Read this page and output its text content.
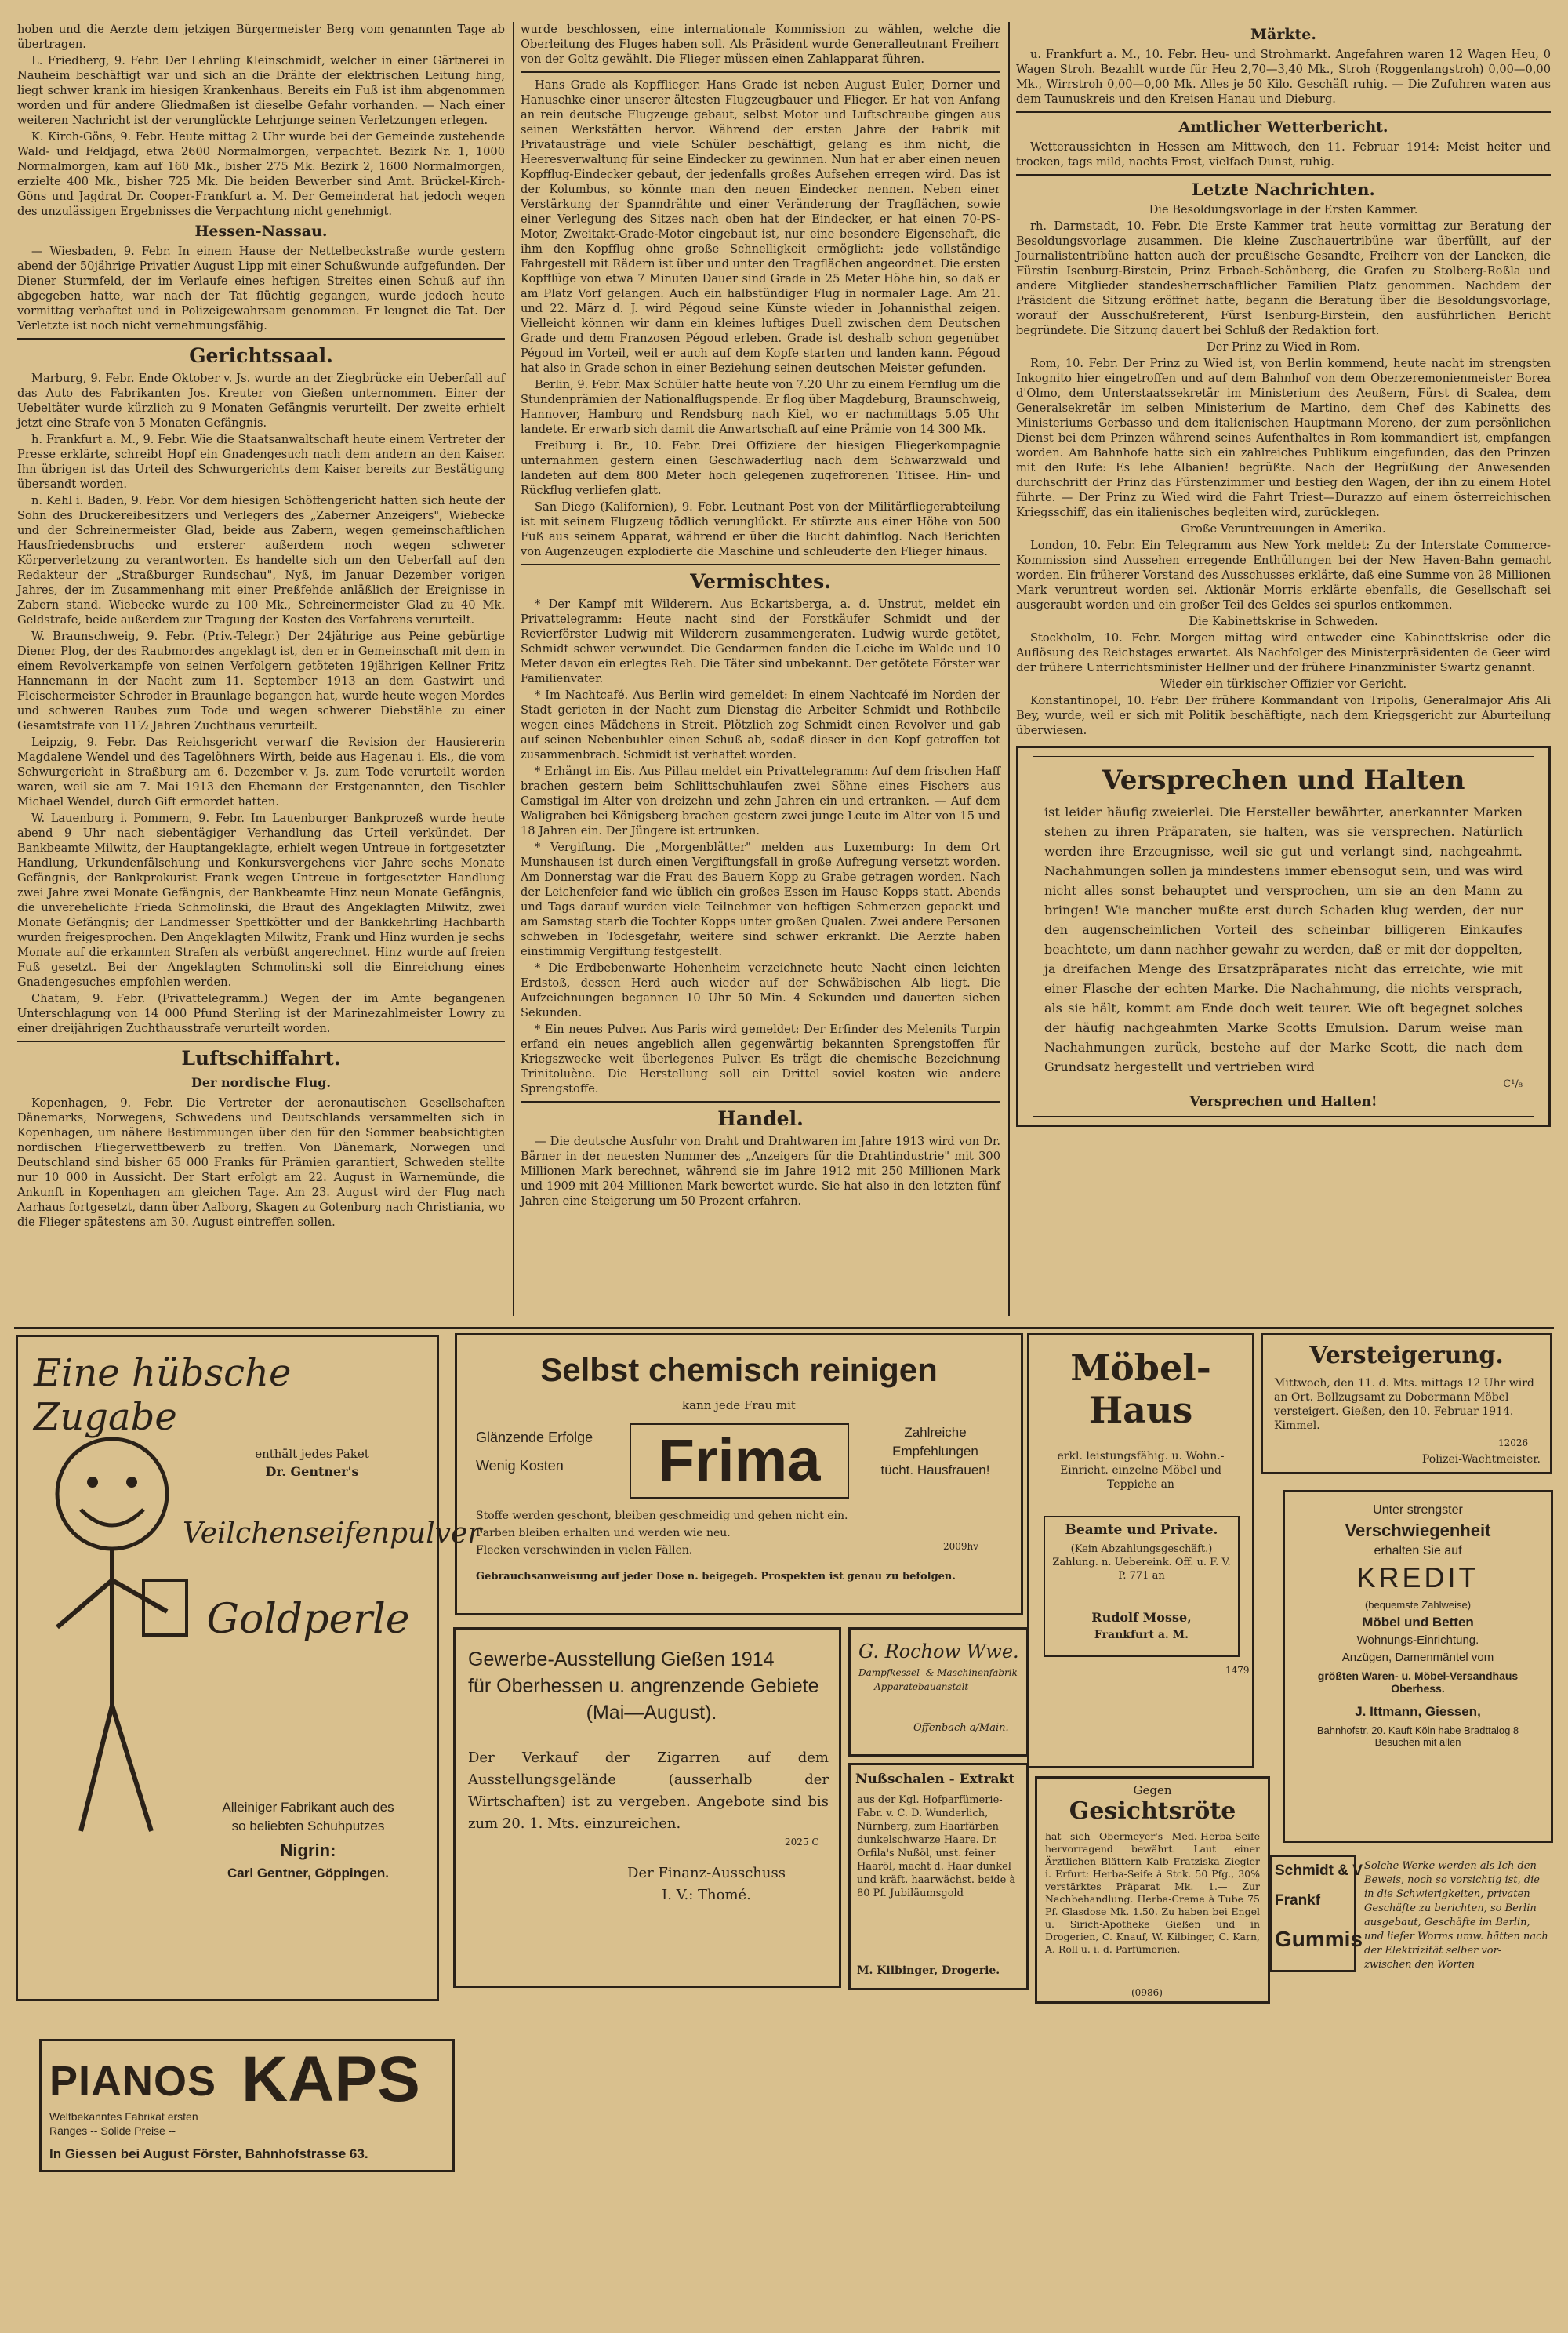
hoben und die Aerzte dem jetzigen Bürgermeister Berg vom genannten Tage ab übertragen.

L. Friedberg, 9. Febr. Der Lehrling Kleinschmidt, welcher in einer Gärtnerei in Nauheim beschäftigt war und sich an die Drähte der elektrischen Leitung hing, liegt schwer krank im hiesigen Krankenhaus. Bereits ein Fuß ist ihm abgenommen worden und für andere Gliedmaßen ist dieselbe Gefahr vorhanden. — Nach einer weiteren Nachricht ist der verunglückte Lehrjunge seinen Verletzungen erlegen.

K. Kirch-Göns, 9. Febr. Heute mittag 2 Uhr wurde bei der Gemeinde zustehende Wald- und Feldjagd, etwa 2600 Normalmorgen, verpachtet. Bezirk Nr. 1, 1000 Normalmorgen, kam auf 160 Mk., bisher 275 Mk. Bezirk 2, 1600 Normalmorgen, erzielte 400 Mk., bisher 725 Mk. Die beiden Bewerber sind Amt. Brückel-Kirch-Göns und Jagdrat Dr. Cooper-Frankfurt a. M. Der Gemeinderat hat jedoch wegen des unzulässigen Ergebnisses die Verpachtung nicht genehmigt.

Hessen-Nassau.

— Wiesbaden, 9. Febr. In einem Hause der Nettelbeckstraße wurde gestern abend der 50jährige Privatier August Lipp mit einer Schußwunde aufgefunden. Der Diener Sturmfeld, der im Verlaufe eines heftigen Streites einen Schuß auf ihn abgegeben hatte, war nach der Tat flüchtig gegangen, wurde jedoch heute vormittag verhaftet und in Polizeigewahrsam genommen. Er leugnet die Tat. Der Verletzte ist noch nicht vernehmungsfähig.

Gerichtssaal.

Marburg, 9. Febr. Ende Oktober v. Js. wurde an der Ziegbrücke ein Ueberfall auf das Auto des Fabrikanten Jos. Kreuter von Gießen unternommen. Einer der Uebeltäter wurde kürzlich zu 9 Monaten Gefängnis verurteilt. Der zweite erhielt jetzt eine Strafe von 5 Monaten Gefängnis.

h. Frankfurt a. M., 9. Febr. Wie die Staatsanwaltschaft heute einem Vertreter der Presse erklärte, schreibt Hopf ein Gnadengesuch nach dem andern an den Kaiser. Ihn übrigen ist das Urteil des Schwurgerichts dem Kaiser bereits zur Bestätigung übersandt worden.

n. Kehl i. Baden, 9. Febr. Vor dem hiesigen Schöffengericht hatten sich heute der Sohn des Druckereibesitzers und Verlegers des „Zaberner Anzeigers", Wiebecke und der Schreinermeister Glad, beide aus Zabern, wegen gemeinschaftlichen Hausfriedensbruchs und ersterer außerdem noch wegen schwerer Körperverletzung zu verantworten. Es handelte sich um den Ueberfall auf den Redakteur der „Straßburger Rundschau", Nyß, im Januar Dezember vorigen Jahres, der im Zusammenhang mit einer Preßfehde anläßlich der Ereignisse in Zabern stand. Wiebecke wurde zu 100 Mk., Schreinermeister Glad zu 40 Mk. Geldstrafe, beide außerdem zur Tragung der Kosten des Verfahrens verurteilt.

W. Braunschweig, 9. Febr. (Priv.-Telegr.) Der 24jährige aus Peine gebürtige Diener Plog, der des Raubmordes angeklagt ist, den er in Gemeinschaft mit dem in einem Revolverkampfe von seinen Verfolgern getöteten 19jährigen Kellner Fritz Hannemann in der Nacht zum 11. September 1913 an dem Gastwirt und Fleischermeister Schroder in Braunlage begangen hat, wurde heute wegen Mordes und schweren Raubes zum Tode und wegen schwerer Diebstähle zu einer Gesamtstrafe von 11½ Jahren Zuchthaus verurteilt.

Leipzig, 9. Febr. Das Reichsgericht verwarf die Revision der Hausiererin Magdalene Wendel und des Tagelöhners Wirth, beide aus Hagenau i. Els., die vom Schwurgericht in Straßburg am 6. Dezember v. Js. zum Tode verurteilt worden waren, weil sie am 7. Mai 1913 den Ehemann der Erstgenannten, den Tischler Michael Wendel, durch Gift ermordet hatten.

W. Lauenburg i. Pommern, 9. Febr. Im Lauenburger Bankprozeß wurde heute abend 9 Uhr nach siebentägiger Verhandlung das Urteil verkündet. Der Bankbeamte Milwitz, der Hauptangeklagte, erhielt wegen Untreue in fortgesetzter Handlung, Urkundenfälschung und Konkursvergehens vier Jahre sechs Monate Gefängnis, der Bankprokurist Frank wegen Untreue in fortgesetzter Handlung zwei Jahre zwei Monate Gefängnis, der Bankbeamte Hinz neun Monate Gefängnis, die unverehelichte Frieda Schmolinski, die Braut des Angeklagten Milwitz, zwei Monate Gefängnis; der Landmesser Spettkötter und der Bankkehrling Hachbarth wurden freigesprochen. Den Angeklagten Milwitz, Frank und Hinz wurden je sechs Monate auf die erkannten Strafen als verbüßt angerechnet. Hinz wurde auf freien Fuß gesetzt. Bei der Angeklagten Schmolinski soll die Einreichung eines Gnadengesuches empfohlen werden.

Chatam, 9. Febr. (Privattelegramm.) Wegen der im Amte begangenen Unterschlagung von 14 000 Pfund Sterling ist der Marinezahlmeister Lowry zu einer dreijährigen Zuchthausstrafe verurteilt worden.

Luftschiffahrt.
Der nordische Flug.

Kopenhagen, 9. Febr. Die Vertreter der aeronautischen Gesellschaften Dänemarks, Norwegens, Schwedens und Deutschlands versammelten sich in Kopenhagen, um nähere Bestimmungen über den für den Sommer beabsichtigten nordischen Fliegerwettbewerb zu treffen. Von Dänemark, Norwegen und Deutschland sind bisher 65 000 Franks für Prämien garantiert, Schweden stellte nur 10 000 in Aussicht. Der Start erfolgt am 22. August in Warnemünde, die Ankunft in Kopenhagen am gleichen Tage. Am 23. August wird der Flug nach Aarhaus fortgesetzt, dann über Aalborg, Skagen zu Gotenburg nach Christiania, wo die Flieger spätestens am 30. August eintreffen sollen.

wurde beschlossen, eine internationale Kommission zu wählen, welche die Oberleitung des Fluges haben soll. Als Präsident wurde Generalleutnant Freiherr von der Goltz gewählt. Die Flieger müssen einen Zahlapparat führen.

Hans Grade als Kopfflieger. Hans Grade ist neben August Euler, Dorner und Hanuschke einer unserer ältesten Flugzeugbauer und Flieger. Er hat von Anfang an rein deutsche Flugzeuge gebaut, selbst Motor und Luftschraube gingen aus seinen Werkstätten hervor. Während der ersten Jahre der Fabrik mit Privatausträge und viele Schüler beschäftigt, gelang es ihm nicht, die Heeresverwaltung für seine Eindecker zu gewinnen. Nun hat er aber einen neuen Kopfflug-Eindecker gebaut, der jedenfalls großes Aufsehen erregen wird. Das ist der Kolumbus, so könnte man den neuen Eindecker nennen. Neben einer Verstärkung der Spanndrähte und einer Veränderung der Tragflächen, sowie einer Verlegung des Sitzes nach oben hat der Eindecker, er hat einen 70-PS-Motor, Zweitakt-Grade-Motor eingebaut ist, nur eine besondere Eigenschaft, die ihm den Kopfflug ohne große Schnelligkeit ermöglicht: jede vollständige Fahrgestell mit Rädern ist über und unter den Tragflächen angeordnet. Die ersten Kopfflüge von etwa 7 Minuten Dauer sind Grade in 25 Meter Höhe hin, so daß er am Platz Vorf gelangen. Auch ein halbstündiger Flug in normaler Lage. Am 21. und 22. März d. J. wird Pégoud seine Künste wieder in Johannisthal zeigen. Vielleicht können wir dann ein kleines luftiges Duell zwischen dem Deutschen Grade und dem Franzosen Pégoud erleben. Grade ist deshalb schon gegenüber Pégoud im Vorteil, weil er auch auf dem Kopfe starten und landen kann. Pégoud hat also in Grade schon in einer Beziehung seinen deutschen Meister gefunden.

Berlin, 9. Febr. Max Schüler hatte heute von 7.20 Uhr zu einem Fernflug um die Stundenprämien der Nationalflugspende. Er flog über Magdeburg, Braunschweig, Hannover, Hamburg und Rendsburg nach Kiel, wo er nachmittags 5.05 Uhr landete. Er erwarb sich damit die Anwartschaft auf eine Prämie von 14 300 Mk.

Freiburg i. Br., 10. Febr. Drei Offiziere der hiesigen Fliegerkompagnie unternahmen gestern einen Geschwaderflug nach dem Schwarzwald und landeten auf dem 800 Meter hoch gelegenen zugefrorenen Titisee. Hin- und Rückflug verliefen glatt.

San Diego (Kalifornien), 9. Febr. Leutnant Post von der Militärfliegerabteilung ist mit seinem Flugzeug tödlich verunglückt. Er stürzte aus einer Höhe von 500 Fuß aus seinem Apparat, während er über die Bucht dahinflog. Nach Berichten von Augenzeugen explodierte die Maschine und schleuderte den Flieger hinaus.

Vermischtes.

* Der Kampf mit Wilderern. Aus Eckartsberga, a. d. Unstrut, meldet ein Privattelegramm: Heute nacht sind der Forstkäufer Schmidt und der Revierförster Ludwig mit Wilderern zusammengeraten. Ludwig wurde getötet, Schmidt schwer verwundet. Die Gendarmen fanden die Leiche im Walde und 10 Meter davon ein erlegtes Reh. Die Täter sind unbekannt. Der getötete Förster war Familienvater.

* Im Nachtcafé. Aus Berlin wird gemeldet: In einem Nachtcafé im Norden der Stadt gerieten in der Nacht zum Dienstag die Arbeiter Schmidt und Rothbeile wegen eines Mädchens in Streit. Plötzlich zog Schmidt einen Revolver und gab auf seinen Nebenbuhler einen Schuß ab, sodaß dieser in den Kopf getroffen tot zusammenbrach. Schmidt ist verhaftet worden.

* Erhängt im Eis. Aus Pillau meldet ein Privattelegramm: Auf dem frischen Haff brachen gestern beim Schlittschuhlaufen zwei Söhne eines Fischers aus Camstigal im Alter von dreizehn und zehn Jahren ein und ertranken. — Auf dem Waligraben bei Königsberg brachen gestern zwei junge Leute im Alter von 15 und 18 Jahren ein. Der Jüngere ist ertrunken.

* Vergiftung. Die „Morgenblätter" melden aus Luxemburg: In dem Ort Munshausen ist durch einen Vergiftungsfall in große Aufregung versetzt worden. Am Donnerstag war die Frau des Bauern Kopp zu Grabe getragen worden. Nach der Leichenfeier fand wie üblich ein großes Essen im Hause Kopps statt. Abends und Tags darauf wurden viele Teilnehmer von heftigen Schmerzen gepackt und am Samstag starb die Tochter Kopps unter großen Qualen. Zwei andere Personen schweben in Todesgefahr, weitere sind schwer erkrankt. Die Aerzte haben einstimmig Vergiftung festgestellt.

* Die Erdbebenwarte Hohenheim verzeichnete heute Nacht einen leichten Erdstoß, dessen Herd auch wieder auf der Schwäbischen Alb liegt. Die Aufzeichnungen begannen 10 Uhr 50 Min. 4 Sekunden und dauerten sieben Sekunden.

* Ein neues Pulver. Aus Paris wird gemeldet: Der Erfinder des Melenits Turpin erfand ein neues angeblich allen gegenwärtig bekannten Sprengstoffen für Kriegszwecke weit überlegenes Pulver. Es trägt die chemische Bezeichnung Trinitoluène. Die Herstellung soll ein Drittel soviel kosten wie andere Sprengstoffe.

Handel.

— Die deutsche Ausfuhr von Draht und Drahtwaren im Jahre 1913 wird von Dr. Bärner in der neuesten Nummer des „Anzeigers für die Drahtindustrie" mit 300 Millionen Mark berechnet, während sie im Jahre 1912 mit 250 Millionen Mark und 1909 mit 204 Millionen Mark bewertet wurde. Sie hat also in den letzten fünf Jahren eine Steigerung um 50 Prozent erfahren.

Märkte.

u. Frankfurt a. M., 10. Febr. Heu- und Strohmarkt. Angefahren waren 12 Wagen Heu, 0 Wagen Stroh. Bezahlt wurde für Heu 2,70—3,40 Mk., Stroh (Roggenlangstroh) 0,00—0,00 Mk., Wirrstroh 0,00—0,00 Mk. Alles je 50 Kilo. Geschäft ruhig. — Die Zufuhren waren aus dem Taunuskreis und den Kreisen Hanau und Dieburg.

Amtlicher Wetterbericht.

Wetteraussichten in Hessen am Mittwoch, den 11. Februar 1914: Meist heiter und trocken, tags mild, nachts Frost, vielfach Dunst, ruhig.

Letzte Nachrichten.

Die Besoldungsvorlage in der Ersten Kammer.

rh. Darmstadt, 10. Febr. Die Erste Kammer trat heute vormittag zur Beratung der Besoldungsvorlage zusammen. Die kleine Zuschauertribüne war überfüllt, auf der Journalistentribüne hatten auch der preußische Gesandte, Freiherr von der Lancken, die Fürstin Isenburg-Birstein, Prinz Erbach-Schönberg, die Grafen zu Stolberg-Roßla und andere Mitglieder standesherrschaftlicher Familien Platz genommen. Nachdem der Präsident die Sitzung eröffnet hatte, begann die Beratung über die Besoldungsvorlage, worauf der Ausschußreferent, Fürst Isenburg-Birstein, den ausführlichen Bericht begründete. Die Sitzung dauert bei Schluß der Redaktion fort.

Der Prinz zu Wied in Rom.

Rom, 10. Febr. Der Prinz zu Wied ist, von Berlin kommend, heute nacht im strengsten Inkognito hier eingetroffen und auf dem Bahnhof von dem Oberzeremonienmeister Borea d'Olmo, dem Unterstaatssekretär im Ministerium des Aeußern, Fürst di Scalea, dem Generalsekretär im selben Ministerium de Martino, dem Chef des Kabinetts des Ministeriums Gerbasso und dem italienischen Hauptmann Moreno, der zum persönlichen Dienst bei dem Prinzen während seines Aufenthaltes in Rom kommandiert ist, empfangen worden. Am Bahnhofe hatte sich ein zahlreiches Publikum eingefunden, das den Prinzen mit den Rufe: Es lebe Albanien! begrüßte. Nach der Begrüßung der Anwesenden durchschritt der Prinz das Fürstenzimmer und bestieg den Wagen, der ihn zu einem Hotel führte. — Der Prinz zu Wied wird die Fahrt Triest—Durazzo auf einem österreichischen Kriegsschiff, das ein italienisches begleiten wird, zurücklegen.

Große Veruntreuungen in Amerika.

London, 10. Febr. Ein Telegramm aus New York meldet: Zu der Interstate Commerce-Kommission sind Aussehen erregende Enthüllungen bei der New Haven-Bahn gemacht worden. Ein früherer Vorstand des Ausschusses erklärte, daß eine Summe von 28 Millionen Mark veruntreut worden sei. Aktionär Morris erklärte ebenfalls, die Gesellschaft sei ausgeraubt worden und ein großer Teil des Geldes sei spurlos entkommen.

Die Kabinettskrise in Schweden.

Stockholm, 10. Febr. Morgen mittag wird entweder eine Kabinettskrise oder die Auflösung des Reichstages erwartet. Als Nachfolger des Ministerpräsidenten de Geer wird der frühere Unterrichtsminister Hellner und der frühere Finanzminister Swartz genannt.

Wieder ein türkischer Offizier vor Gericht.

Konstantinopel, 10. Febr. Der frühere Kommandant von Tripolis, Generalmajor Afis Ali Bey, wurde, weil er sich mit Politik beschäftigte, nach dem Kriegsgericht zur Aburteilung überwiesen.

Versprechen und Halten
ist leider häufig zweierlei. Die Hersteller bewährter, anerkannter Marken stehen zu ihren Präparaten, sie halten, was sie versprechen. Natürlich werden ihre Erzeugnisse, weil sie gut und verlangt sind, nachgeahmt. Nachahmungen sollen ja mindestens immer ebensogut sein, und was wird nicht alles sonst behauptet und versprochen, um sie an den Mann zu bringen! Wie mancher mußte erst durch Schaden klug werden, der nur den augenscheinlichen Vorteil des scheinbar billigeren Einkaufes beachtete, um dann nachher gewahr zu werden, daß er mit der doppelten, ja dreifachen Menge des Ersatzpräparates nicht das erreichte, wie mit einer Flasche der echten Marke. Die Nachahmung, die nichts versprach, als sie hält, kommt am Ende doch weit teurer. Wie oft begegnet solches der häufig nachgeahmten Marke Scotts Emulsion. Darum weise man Nachahmungen zurück, bestehe auf der Marke Scott, die nach dem Grundsatz hergestellt und vertrieben wird
C¹/₈
Versprechen und Halten!
Eine hübsche Zugabe
enthält jedes Paket
Dr. Gentner's
Veilchenseifenpulver
Goldperle
Alleiniger Fabrikant auch des
so beliebten Schuhputzes
Nigrin:
Carl Gentner, Göppingen.
PIANOS KAPS
Weltbekanntes Fabrikat ersten
Ranges -- Solide Preise --
In Giessen bei August Förster, Bahnhofstrasse 63.
Selbst chemisch reinigen
kann jede Frau mit
Glänzende Erfolge
Wenig Kosten	Frima	Zahlreiche
Empfehlungen
tücht. Hausfrauen!
Stoffe werden geschont, bleiben geschmeidig und gehen nicht ein.
Farben bleiben erhalten und werden wie neu.
Flecken verschwinden in vielen Fällen.	2009hv
Gebrauchsanweisung auf jeder Dose n. beigegeb. Prospekten ist genau zu befolgen.
Möbel-
Haus
erkl. leistungsfähig. u. Wohn.-Einricht. einzelne Möbel und Teppiche an
Beamte und Private.
(Kein Abzahlungsgeschäft.) Zahlung. n. Uebereink. Off. u. F. V. P. 771 an
Rudolf Mosse,
Frankfurt a. M.
1479
Versteigerung.
Mittwoch, den 11. d. Mts. mittags 12 Uhr wird an Ort. Bollzugsamt zu Dobermann Möbel versteigert. Gießen, den 10. Februar 1914. Kimmel.
12026
Polizei-Wachtmeister.
Unter strengster
Verschwiegenheit
erhalten Sie auf
KREDIT
(bequemste Zahlweise)
Möbel und Betten
Wohnungs-Einrichtung.
Anzügen, Damenmäntel vom
größten Waren- u. Möbel-Versandhaus Oberhess.
J. Ittmann, Giessen,
Bahnhofstr. 20. Kauft Köln habe Bradttalog 8 Besuchen mit allen
Schmidt & V
Frankf
Gummis
Solche Werke werden als Ich den Beweis, noch so vorsichtig ist, die in die Schwierigkeiten, privaten Geschäfte zu berichten, so Berlin ausgebaut, Geschäfte im Berlin, und liefer Worms umw. hätten nach der Elektrizität selber vor- zwischen den Worten
Gewerbe-Ausstellung Gießen 1914
für Oberhessen u. angrenzende Gebiete
(Mai—August).
Der Verkauf der Zigarren auf dem Ausstellungsgelände (ausserhalb der Wirtschaften) ist zu vergeben. Angebote sind bis zum 20. 1. Mts. einzureichen.
2025 C
Der Finanz-Ausschuss
I. V.: Thomé.
G. Rochow Wwe.
Dampfkessel- & Maschinenfabrik
Apparatebauanstalt
Offenbach a/Main.
Nußschalen - Extrakt
aus der Kgl. Hofparfümerie-Fabr. v. C. D. Wunderlich, Nürnberg, zum Haarfärben dunkelschwarze Haare. Dr. Orfila's Nußöl, unst. feiner Haaröl, macht d. Haar dunkel und kräft. haarwächst. beide à 80 Pf. Jubiläumsgold
M. Kilbinger, Drogerie.
Gegen
Gesichtsröte
hat sich Obermeyer's Med.-Herba-Seife hervorragend bewährt. Laut einer Ärztlichen Blättern Kalb Fratziska Ziegler i. Erfurt: Herba-Seife à Stck. 50 Pfg., 30% verstärktes Präparat Mk. 1.— Zur Nachbehandlung. Herba-Creme à Tube 75 Pf. Glasdose Mk. 1.50. Zu haben bei Engel u. Sirich-Apotheke Gießen und in Drogerien, C. Knauf, W. Kilbinger, C. Karn, A. Roll u. i. d. Parfümerien.
(0986)
